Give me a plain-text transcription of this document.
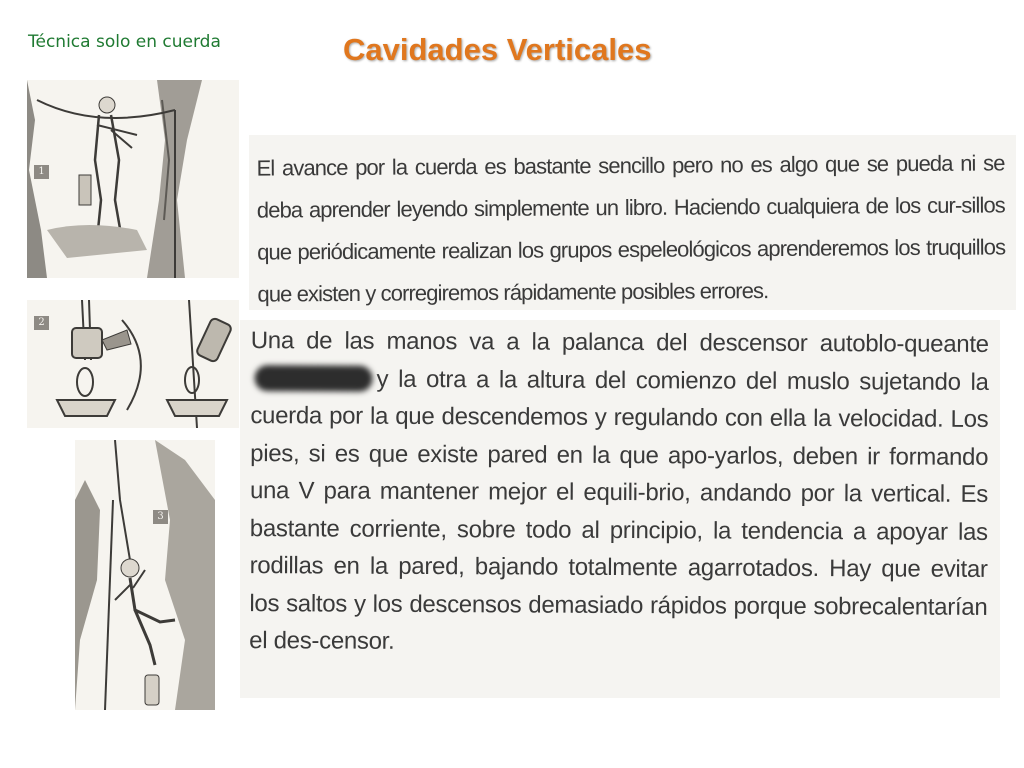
Técnica solo en cuerda	Cavidades Verticales
1
2
3

El avance por la cuerda es bastante sencillo pero no es algo que se pueda ni se deba aprender leyendo simplemente un libro. Haciendo cualquiera de los cur-sillos que periódicamente realizan los grupos espeleológicos aprenderemos los truquillos que existen y corregiremos rápidamente posibles errores.

Una de las manos va a la palanca del descensor autoblo-queantey la otra a la altura del comienzo del muslo sujetando la cuerda por la que descendemos y regulando con ella la velocidad. Los pies, si es que existe pared en la que apo-yarlos, deben ir formando una V para mantener mejor el equili-brio, andando por la vertical. Es bastante corriente, sobre todo al principio, la tendencia a apoyar las rodillas en la pared, bajando totalmente agarrotados. Hay que evitar los saltos y los descensos demasiado rápidos porque sobrecalentarían el des-censor.
